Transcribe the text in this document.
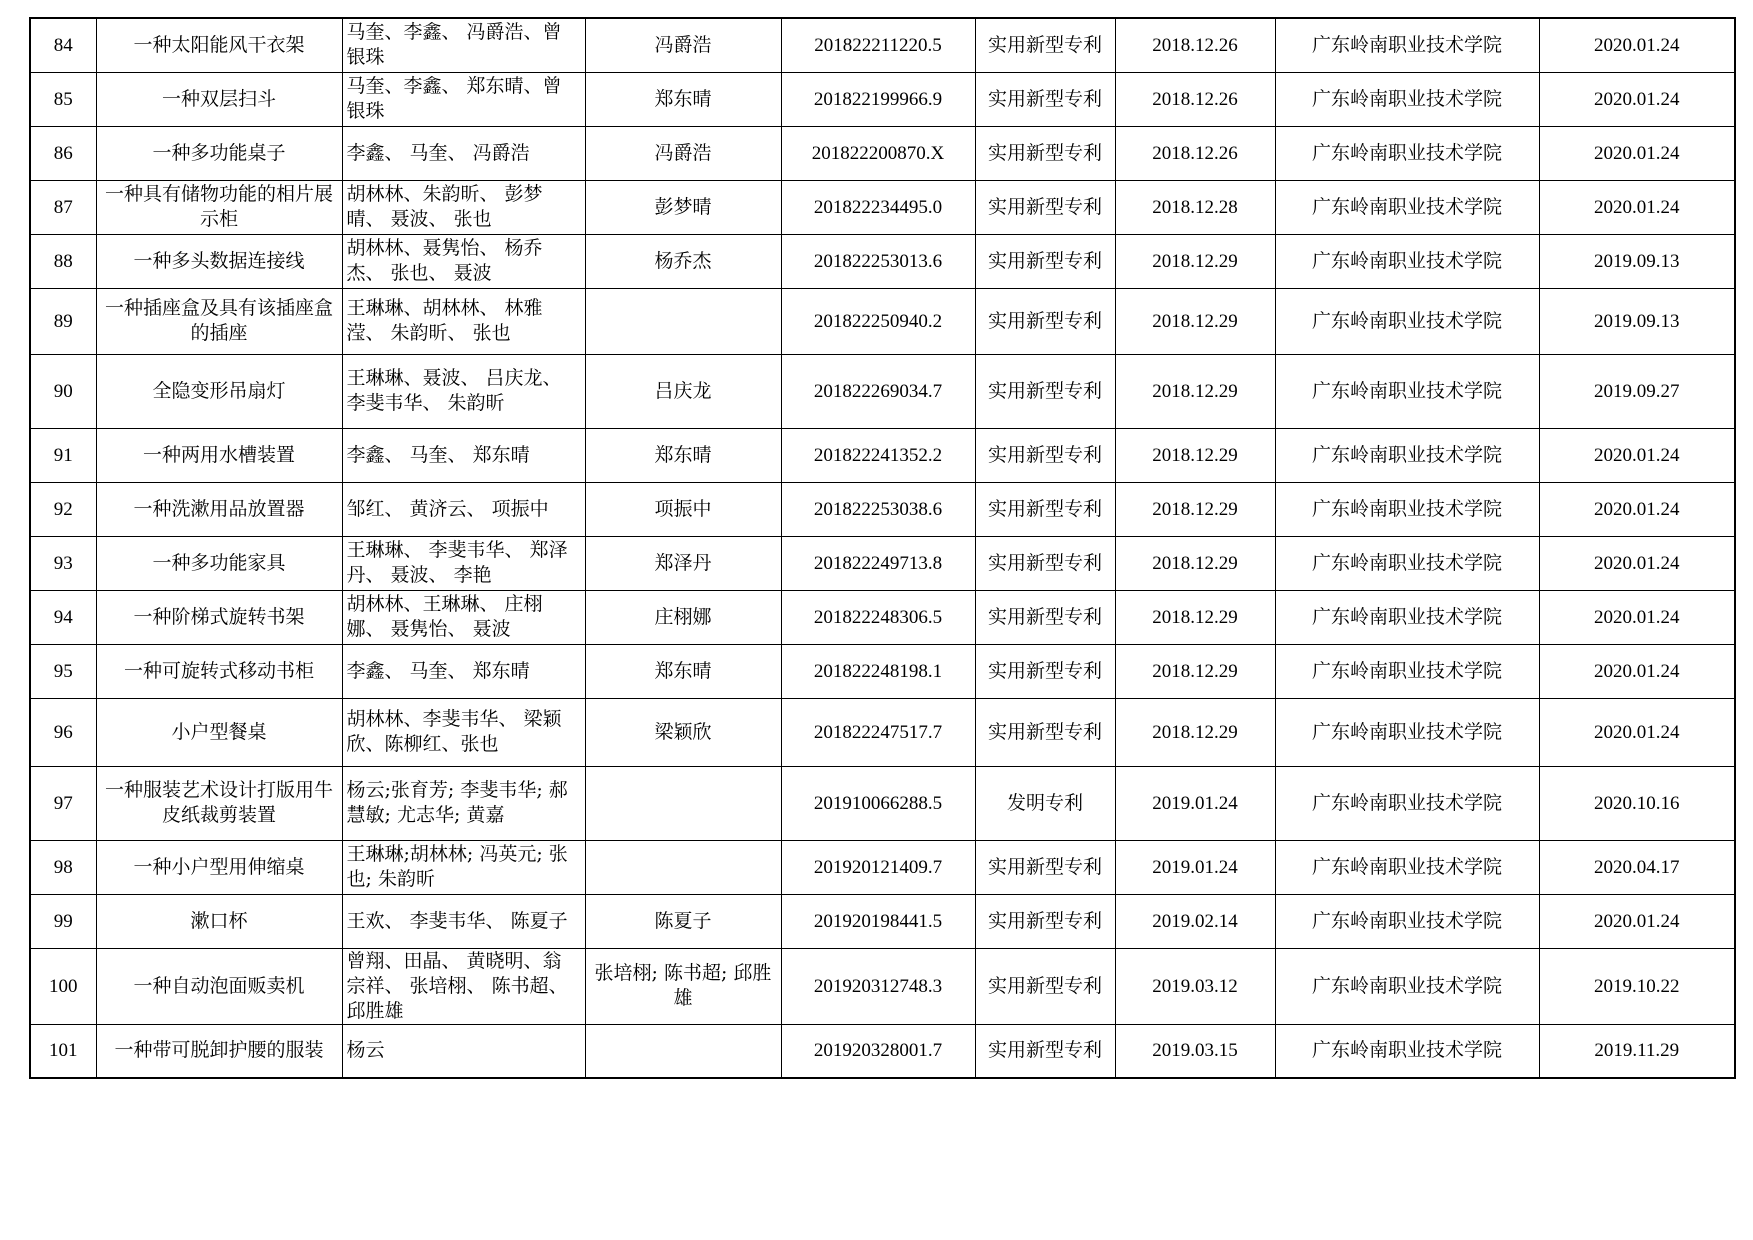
84	一种太阳能风干衣架	马奎、李鑫、 冯爵浩、曾银珠	冯爵浩	201822211220.5	实用新型专利	2018.12.26	广东岭南职业技术学院	2020.01.24
85	一种双层扫斗	马奎、李鑫、 郑东晴、曾银珠	郑东晴	201822199966.9	实用新型专利	2018.12.26	广东岭南职业技术学院	2020.01.24
86	一种多功能桌子	李鑫、 马奎、 冯爵浩	冯爵浩	201822200870.X	实用新型专利	2018.12.26	广东岭南职业技术学院	2020.01.24
87	一种具有储物功能的相片展示柜	胡林林、朱韵昕、 彭梦晴、 聂波、 张也	彭梦晴	201822234495.0	实用新型专利	2018.12.28	广东岭南职业技术学院	2020.01.24
88	一种多头数据连接线	胡林林、聂隽怡、 杨乔杰、 张也、 聂波	杨乔杰	201822253013.6	实用新型专利	2018.12.29	广东岭南职业技术学院	2019.09.13
89	一种插座盒及具有该插座盒的插座	王琳琳、胡林林、 林雅滢、 朱韵昕、 张也		201822250940.2	实用新型专利	2018.12.29	广东岭南职业技术学院	2019.09.13
90	全隐变形吊扇灯	王琳琳、聂波、 吕庆龙、 李斐韦华、 朱韵昕	吕庆龙	201822269034.7	实用新型专利	2018.12.29	广东岭南职业技术学院	2019.09.27
91	一种两用水槽装置	李鑫、 马奎、 郑东晴	郑东晴	201822241352.2	实用新型专利	2018.12.29	广东岭南职业技术学院	2020.01.24
92	一种洗漱用品放置器	邹红、 黄济云、 项振中	项振中	201822253038.6	实用新型专利	2018.12.29	广东岭南职业技术学院	2020.01.24
93	一种多功能家具	王琳琳、 李斐韦华、 郑泽丹、 聂波、 李艳	郑泽丹	201822249713.8	实用新型专利	2018.12.29	广东岭南职业技术学院	2020.01.24
94	一种阶梯式旋转书架	胡林林、王琳琳、 庄栩娜、 聂隽怡、 聂波	庄栩娜	201822248306.5	实用新型专利	2018.12.29	广东岭南职业技术学院	2020.01.24
95	一种可旋转式移动书柜	李鑫、 马奎、 郑东晴	郑东晴	201822248198.1	实用新型专利	2018.12.29	广东岭南职业技术学院	2020.01.24
96	小户型餐桌	胡林林、李斐韦华、 梁颖欣、陈柳红、张也	梁颖欣	201822247517.7	实用新型专利	2018.12.29	广东岭南职业技术学院	2020.01.24
97	一种服装艺术设计打版用牛皮纸裁剪装置	杨云;张育芳; 李斐韦华; 郝慧敏; 尤志华; 黄嘉		201910066288.5	发明专利	2019.01.24	广东岭南职业技术学院	2020.10.16
98	一种小户型用伸缩桌	王琳琳;胡林林; 冯英元; 张也; 朱韵昕		201920121409.7	实用新型专利	2019.01.24	广东岭南职业技术学院	2020.04.17
99	漱口杯	王欢、 李斐韦华、 陈夏子	陈夏子	201920198441.5	实用新型专利	2019.02.14	广东岭南职业技术学院	2020.01.24
100	一种自动泡面贩卖机	曾翔、田晶、 黄晓明、翁宗祥、 张培栩、 陈书超、 邱胜雄	张培栩; 陈书超; 邱胜雄	201920312748.3	实用新型专利	2019.03.12	广东岭南职业技术学院	2019.10.22
101	一种带可脱卸护腰的服装	杨云		201920328001.7	实用新型专利	2019.03.15	广东岭南职业技术学院	2019.11.29
